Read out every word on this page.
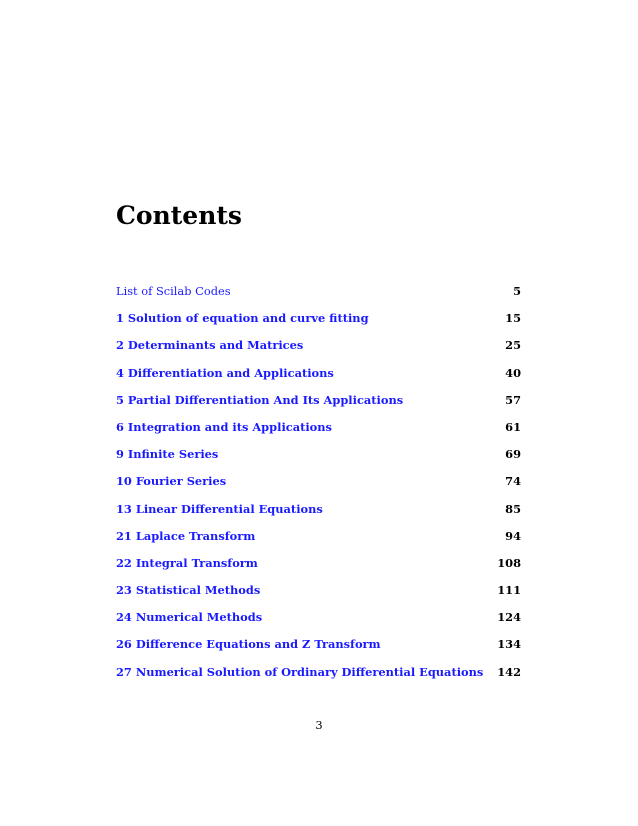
Contents
List of Scilab Codes	5
1 Solution of equation and curve fitting	15
2 Determinants and Matrices	25
4 Differentiation and Applications	40
5 Partial Differentiation And Its Applications	57
6 Integration and its Applications	61
9 Infinite Series	69
10 Fourier Series	74
13 Linear Differential Equations	85
21 Laplace Transform	94
22 Integral Transform	108
23 Statistical Methods	111
24 Numerical Methods	124
26 Difference Equations and Z Transform	134
27 Numerical Solution of Ordinary Differential Equations 142
3
